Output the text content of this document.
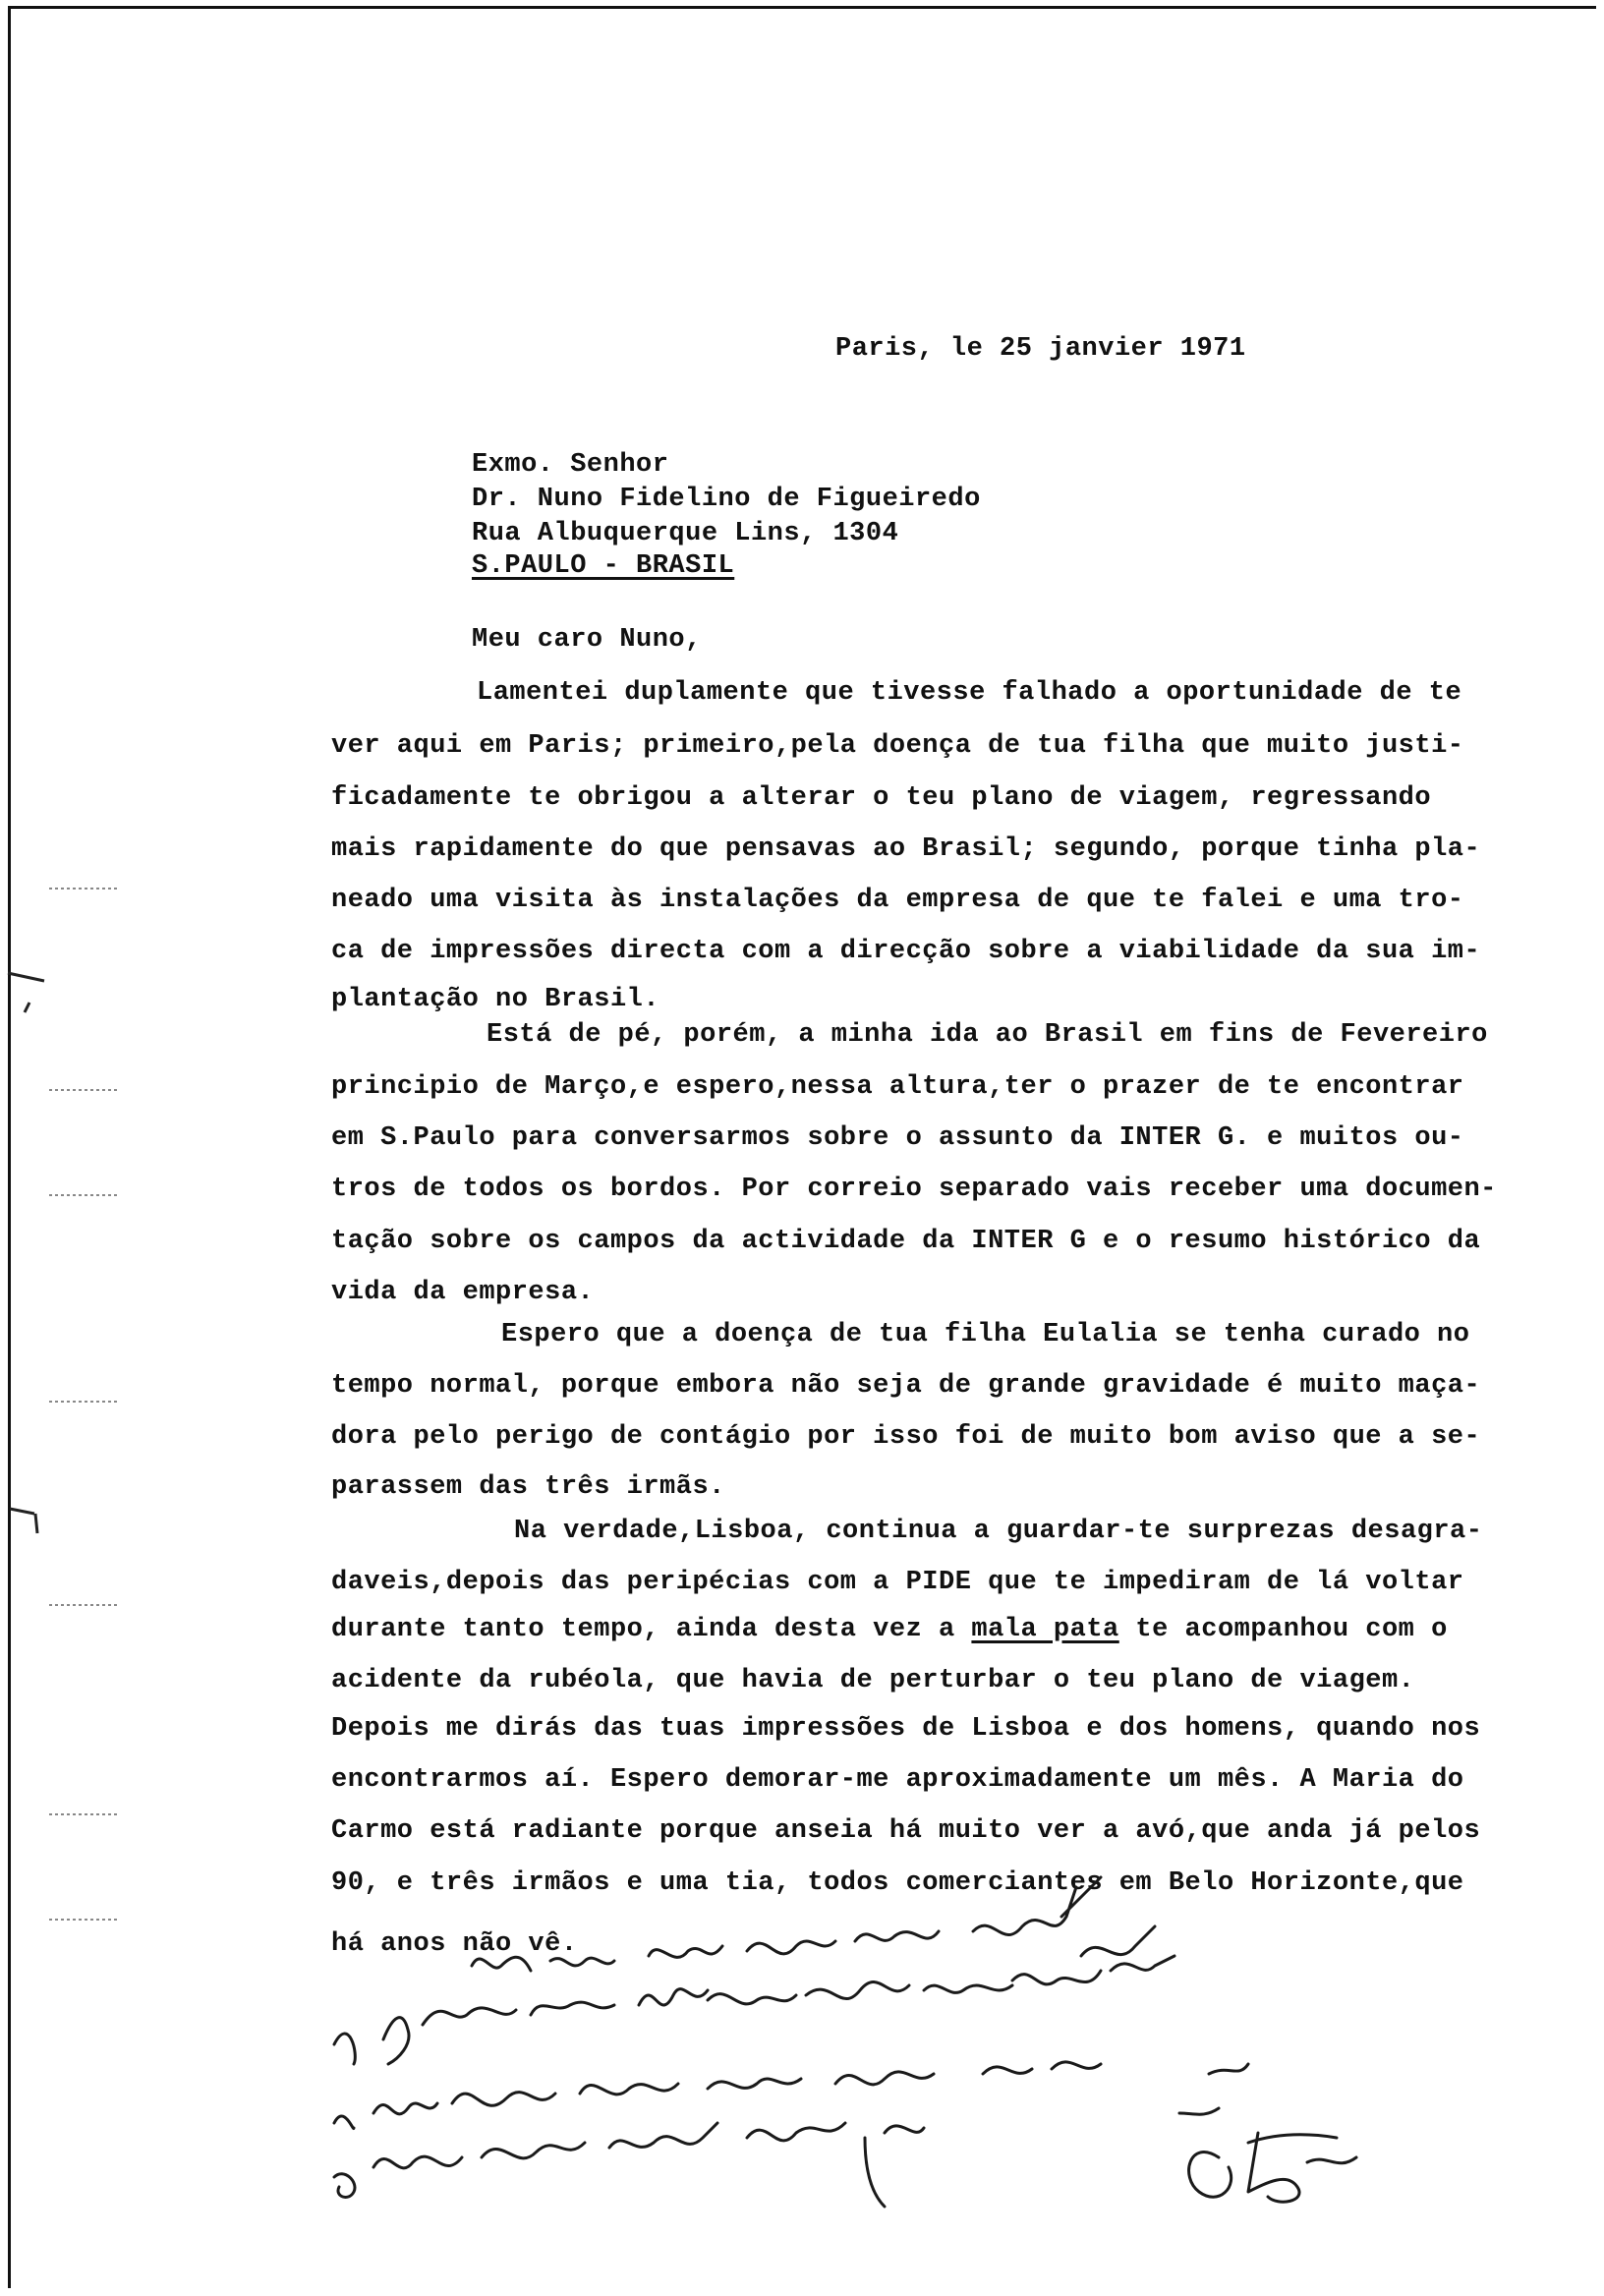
Paris, le 25 janvier 1971
Exmo. Senhor
Dr. Nuno Fidelino de Figueiredo
Rua Albuquerque Lins, 1304
S.PAULO - BRASIL
Meu caro Nuno,
Lamentei duplamente que tivesse falhado a oportunidade de te
ver aqui em Paris; primeiro,pela doença de tua filha que muito justi-
ficadamente te obrigou a alterar o teu plano de viagem, regressando
mais rapidamente do que pensavas ao Brasil; segundo, porque tinha pla-
neado uma visita às instalações da empresa de que te falei e uma tro-
ca de impressões directa com a direcção sobre a viabilidade da sua im-
plantação no Brasil.
Está de pé, porém, a minha ida ao Brasil em fins de Fevereiro
principio de Março,e espero,nessa altura,ter o prazer de te encontrar
em S.Paulo para conversarmos sobre o assunto da INTER G. e muitos ou-
tros de todos os bordos. Por correio separado vais receber uma documen-
tação sobre os campos da actividade da INTER G e o resumo histórico da
vida da empresa.
Espero que a doença de tua filha Eulalia se tenha curado no
tempo normal, porque embora não seja de grande gravidade é muito maça-
dora pelo perigo de contágio por isso foi de muito bom aviso que a se-
parassem das três irmãs.
Na verdade,Lisboa, continua a guardar-te surprezas desagra-
daveis,depois das peripécias com a PIDE que te impediram de lá voltar
durante tanto tempo, ainda desta vez a mala pata te acompanhou com o
acidente da rubéola, que havia de perturbar o teu plano de viagem.
Depois me dirás das tuas impressões de Lisboa e dos homens, quando nos
encontrarmos aí. Espero demorar-me aproximadamente um mês. A Maria do
Carmo está radiante porque anseia há muito ver a avó,que anda já pelos
90, e três irmãos e uma tia, todos comerciantes em Belo Horizonte,que
há anos não vê.
